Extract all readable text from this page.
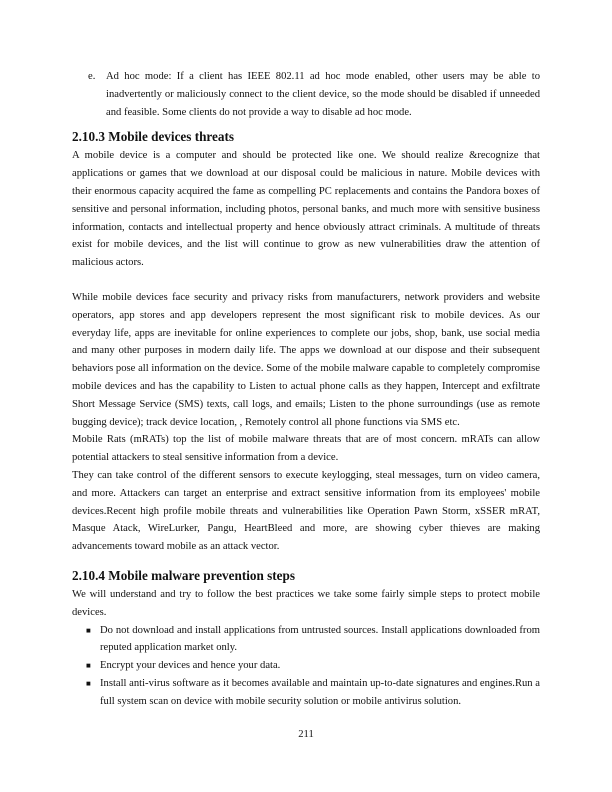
e.	Ad hoc mode: If a client has IEEE 802.11 ad hoc mode enabled, other users may be able to inadvertently or maliciously connect to the client device, so the mode should be disabled if unneeded and feasible. Some clients do not provide a way to disable ad hoc mode.

2.10.3 Mobile devices threats

A mobile device is a computer and should be protected like one. We should realize &recognize that applications or games that we download at our disposal could be malicious in nature. Mobile devices with their enormous capacity acquired the fame as compelling PC replacements and contains the Pandora boxes of sensitive and personal information, including photos, personal banks, and much more with sensitive business information, contacts and intellectual property and hence obviously attract criminals. A multitude of threats exist for mobile devices, and the list will continue to grow as new vulnerabilities draw the attention of malicious actors.

While mobile devices face security and privacy risks from manufacturers, network providers and website operators, app stores and app developers represent the most significant risk to mobile devices. As our everyday life, apps are inevitable for online experiences to complete our jobs, shop, bank, use social media and many other purposes in modern daily life. The apps we download at our dispose and their subsequent behaviors pose all information on the device. Some of the mobile malware capable to completely compromise mobile devices and has the capability to Listen to actual phone calls as they happen, Intercept and exfiltrate Short Message Service (SMS) texts, call logs, and emails; Listen to the phone surroundings (use as remote bugging device); track device location, , Remotely control all phone functions via SMS etc.

Mobile Rats (mRATs) top the list of mobile malware threats that are of most concern. mRATs can allow potential attackers to steal sensitive information from a device.

They can take control of the different sensors to execute keylogging, steal messages, turn on video camera, and more. Attackers can target an enterprise and extract sensitive information from its employees' mobile devices.Recent high profile mobile threats and vulnerabilities like Operation Pawn Storm, xSSER mRAT, Masque Atack, WireLurker, Pangu, HeartBleed and more, are showing cyber thieves are making advancements toward mobile as an attack vector.

2.10.4 Mobile malware prevention steps

We will understand and try to follow the best practices we take some fairly simple steps to protect mobile devices.

■ Do not download and install applications from untrusted sources. Install applications downloaded from reputed application market only.

■ Encrypt your devices and hence your data.

■ Install anti-virus software as it becomes available and maintain up-to-date signatures and engines.Run a full system scan on device with mobile security solution or mobile antivirus solution.

211
